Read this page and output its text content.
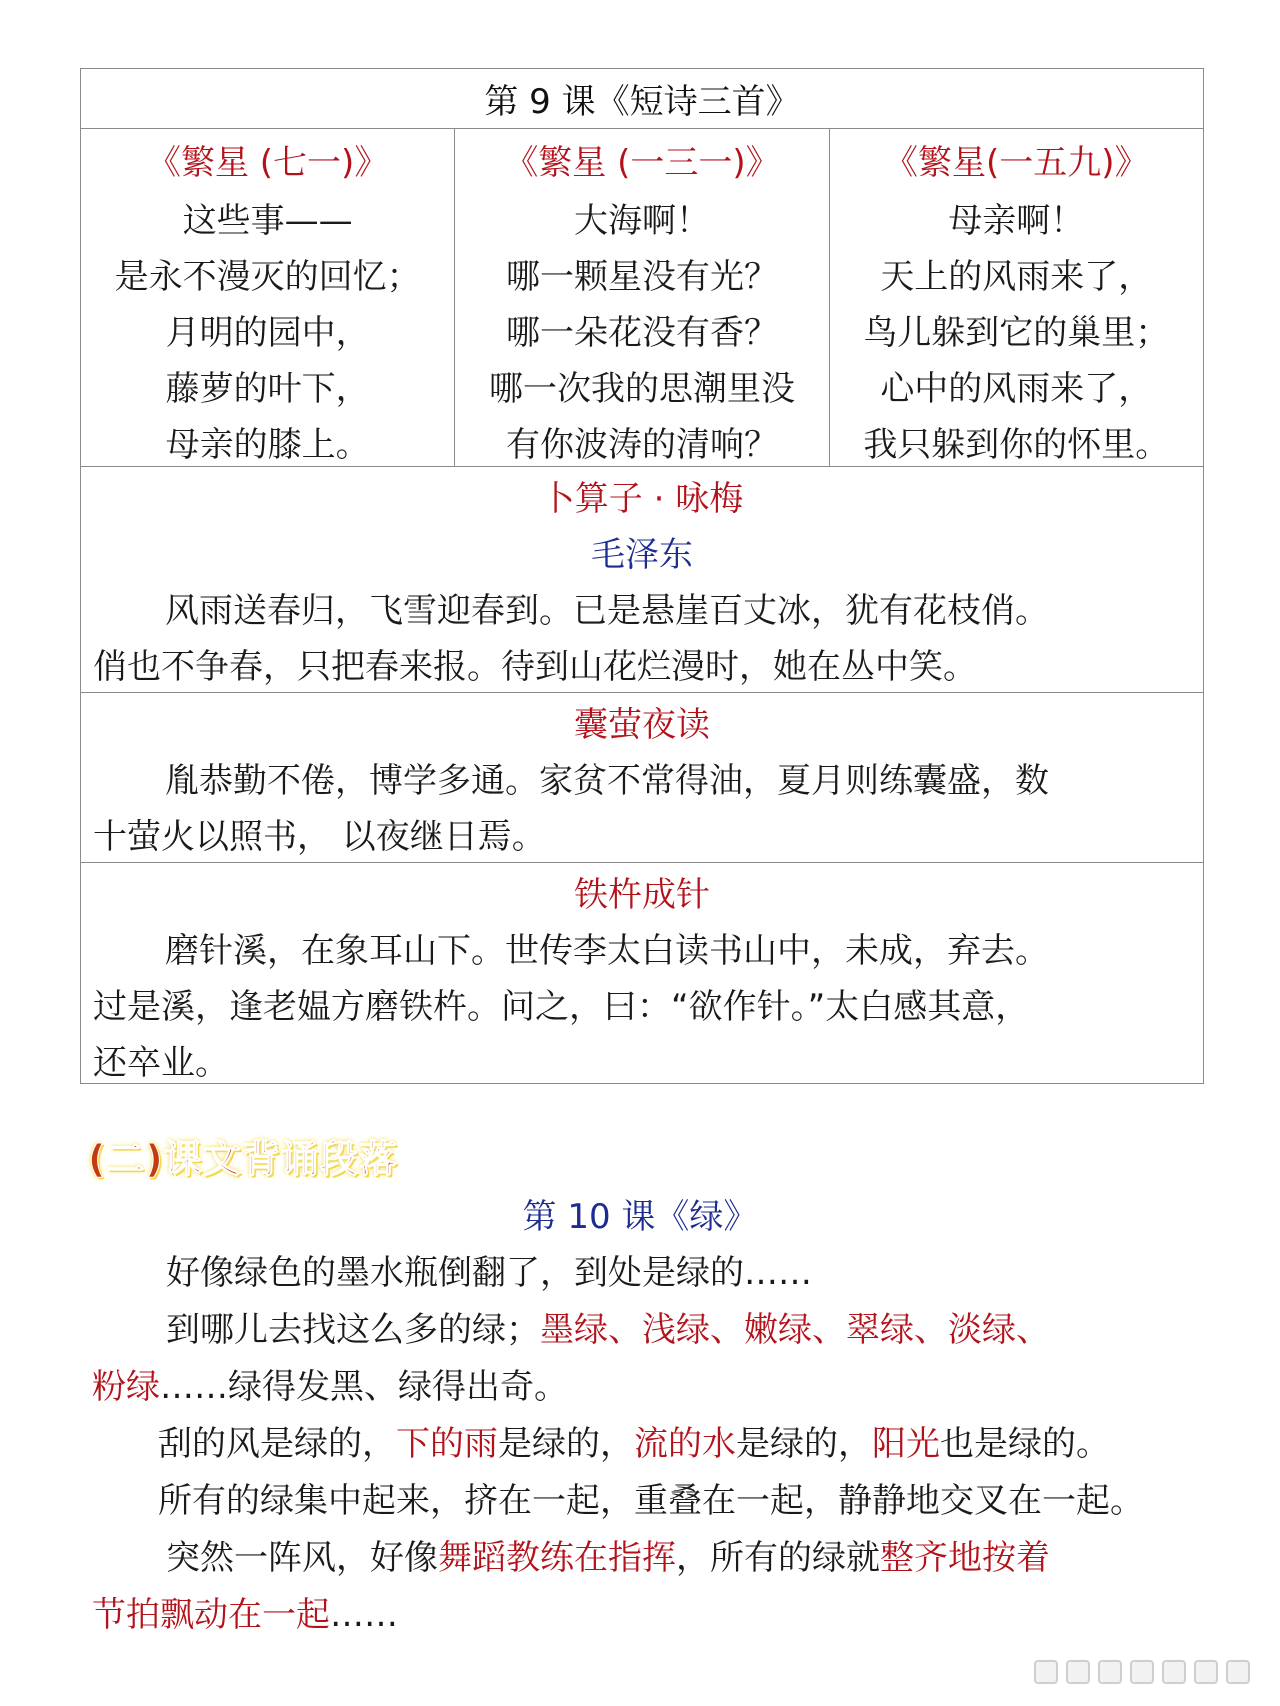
第 9 课《短诗三首》
《繁星 (七一)》
这些事——
是永不漫灭的回忆；
月明的园中，
藤萝的叶下，
母亲的膝上。
《繁星 (一三一)》
大海啊！
哪一颗星没有光？
哪一朵花没有香？
哪一次我的思潮里没
有你波涛的清响？
《繁星(一五九)》
母亲啊！
天上的风雨来了，
鸟儿躲到它的巢里；
心中的风雨来了，
我只躲到你的怀里。
卜算子 · 咏梅
毛泽东
风雨送春归，飞雪迎春到。已是悬崖百丈冰，犹有花枝俏。
俏也不争春，只把春来报。待到山花烂漫时，她在丛中笑。
囊萤夜读
胤恭勤不倦，博学多通。家贫不常得油，夏月则练囊盛，数
十萤火以照书， 以夜继日焉。
铁杵成针
磨针溪，在象耳山下。世传李太白读书山中，未成，弃去。
过是溪，逢老媪方磨铁杵。问之，曰：“欲作针。”太白感其意，
还卒业。
(二)课文背诵段落
第 10 课《绿》

好像绿色的墨水瓶倒翻了，到处是绿的……

到哪儿去找这么多的绿；墨绿、浅绿、嫩绿、翠绿、淡绿、
粉绿……绿得发黑、绿得出奇。

刮的风是绿的，下的雨是绿的，流的水是绿的，阳光也是绿的。

所有的绿集中起来，挤在一起，重叠在一起，静静地交叉在一起。

突然一阵风，好像舞蹈教练在指挥，所有的绿就整齐地按着
节拍飘动在一起……
